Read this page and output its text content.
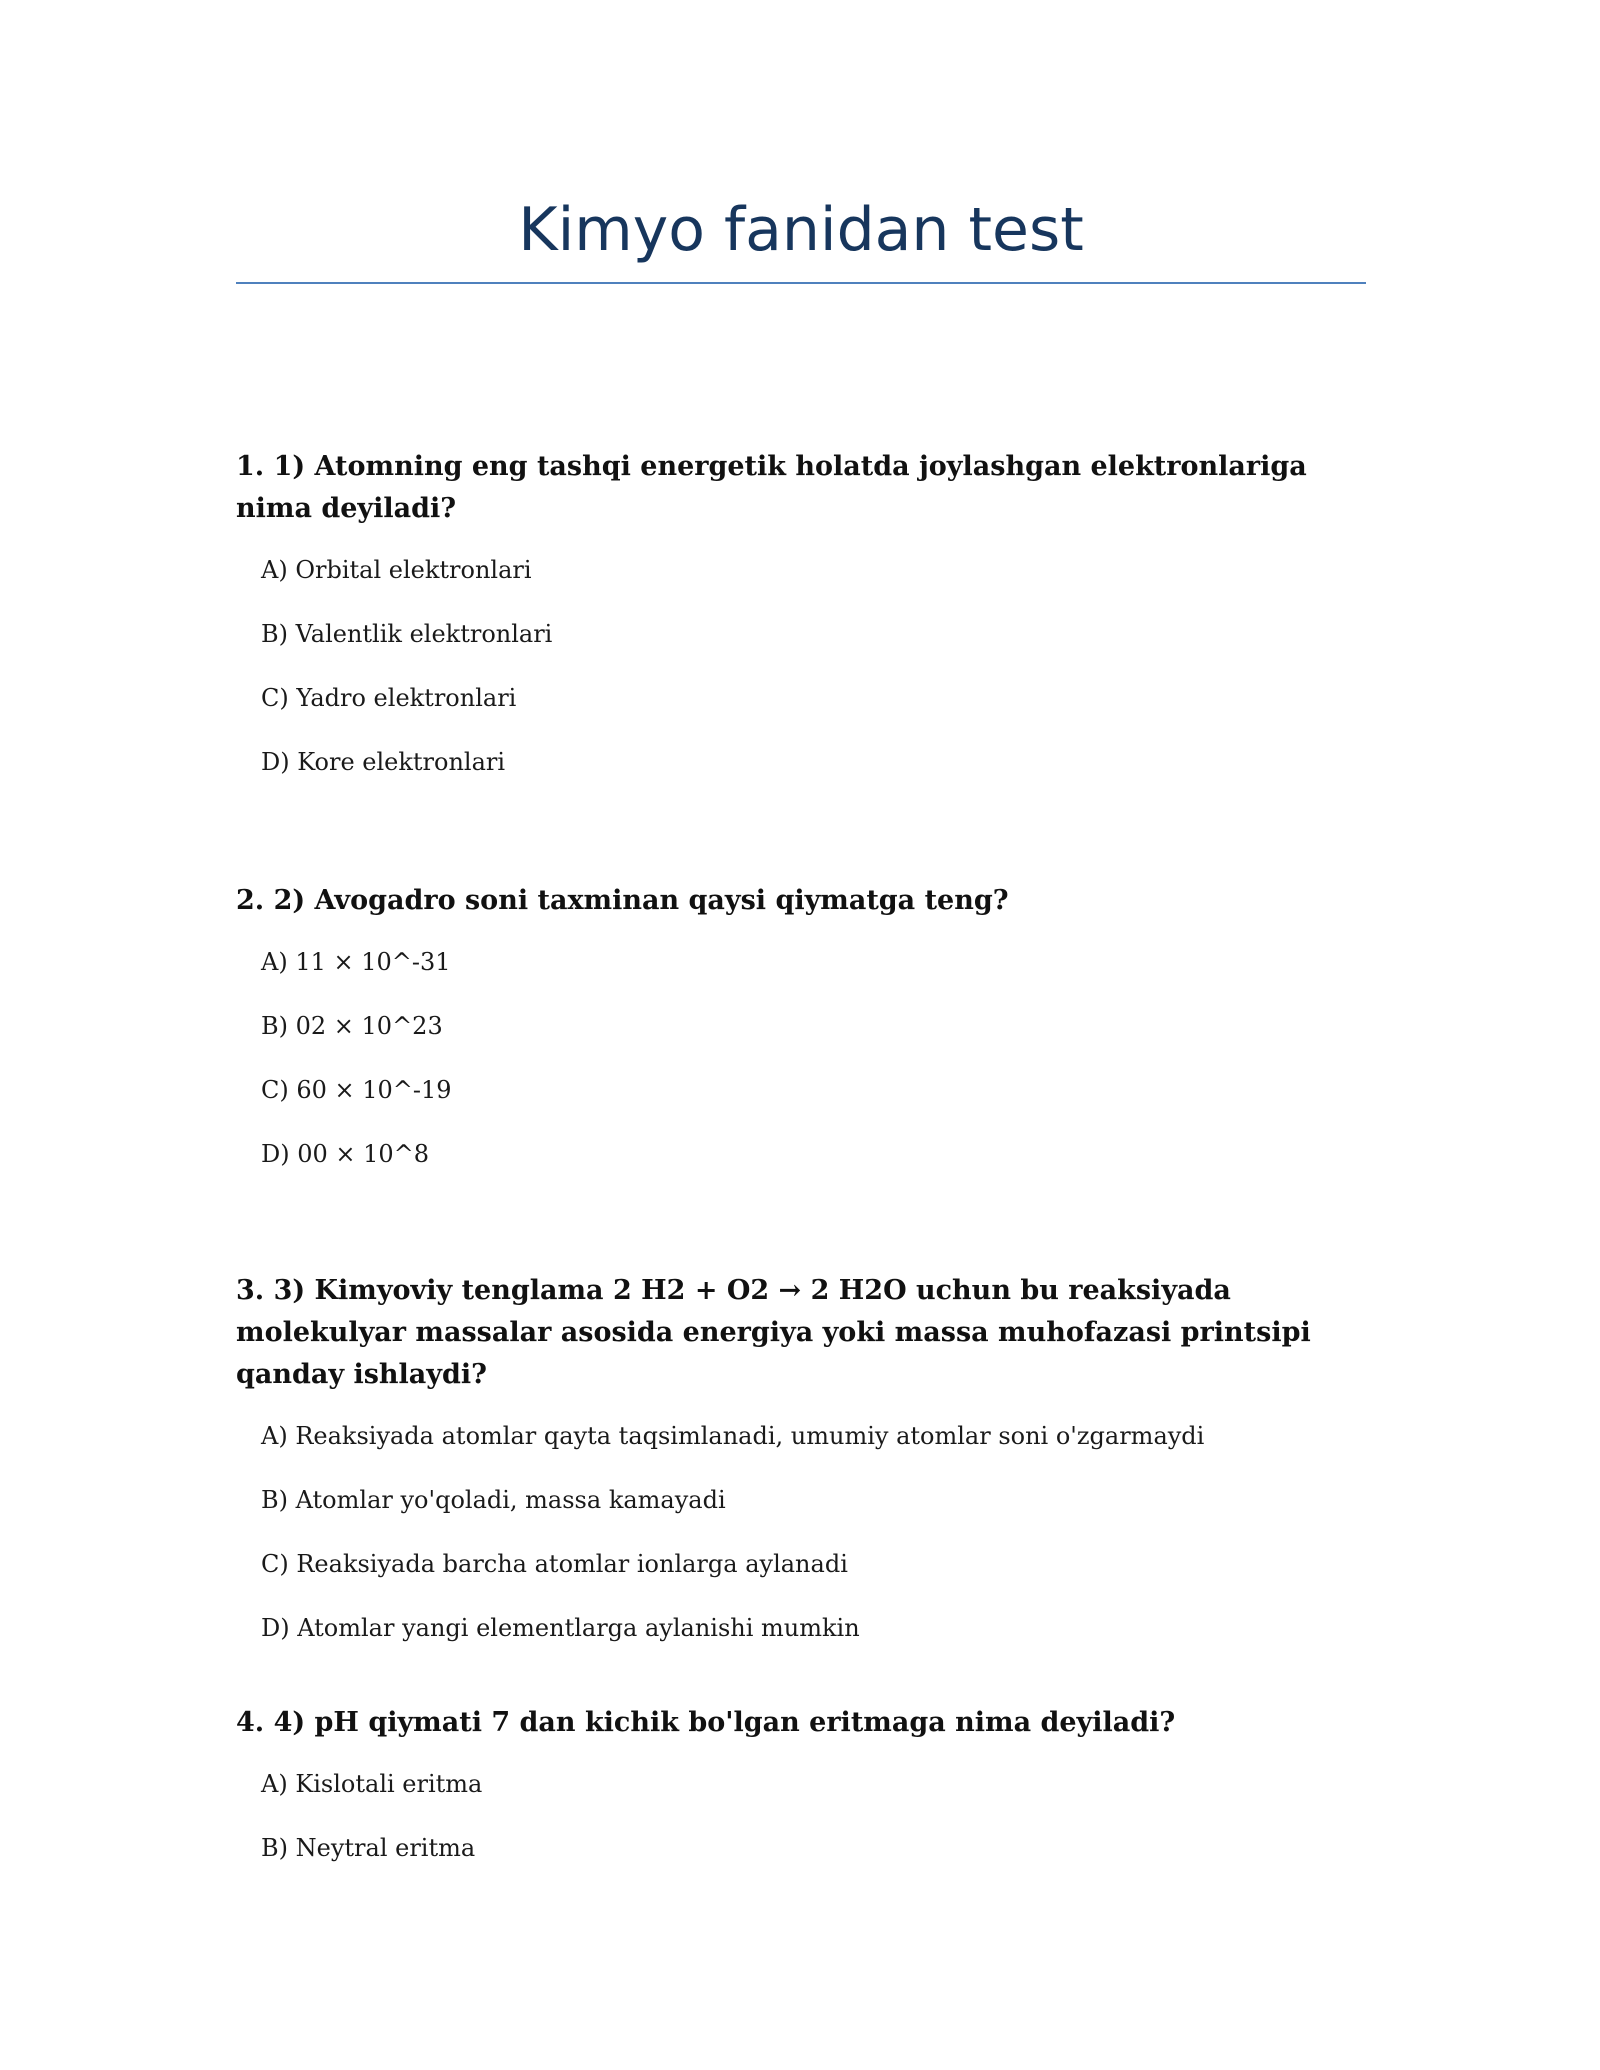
Kimyo fanidan test

1. 1) Atomning eng tashqi energetik holatda joylashgan elektronlariga nima deyiladi?

A) Orbital elektronlari
B) Valentlik elektronlari
C) Yadro elektronlari
D) Kore elektronlari

2. 2) Avogadro soni taxminan qaysi qiymatga teng?

A) 11 × 10^-31
B) 02 × 10^23
C) 60 × 10^-19
D) 00 × 10^8

3. 3) Kimyoviy tenglama 2 H2 + O2 → 2 H2O uchun bu reaksiyada molekulyar massalar asosida energiya yoki massa muhofazasi printsipi qanday ishlaydi?

A) Reaksiyada atomlar qayta taqsimlanadi, umumiy atomlar soni o'zgarmaydi
B) Atomlar yo'qoladi, massa kamayadi
C) Reaksiyada barcha atomlar ionlarga aylanadi
D) Atomlar yangi elementlarga aylanishi mumkin

4. 4) pH qiymati 7 dan kichik bo'lgan eritmaga nima deyiladi?

A) Kislotali eritma
B) Neytral eritma
